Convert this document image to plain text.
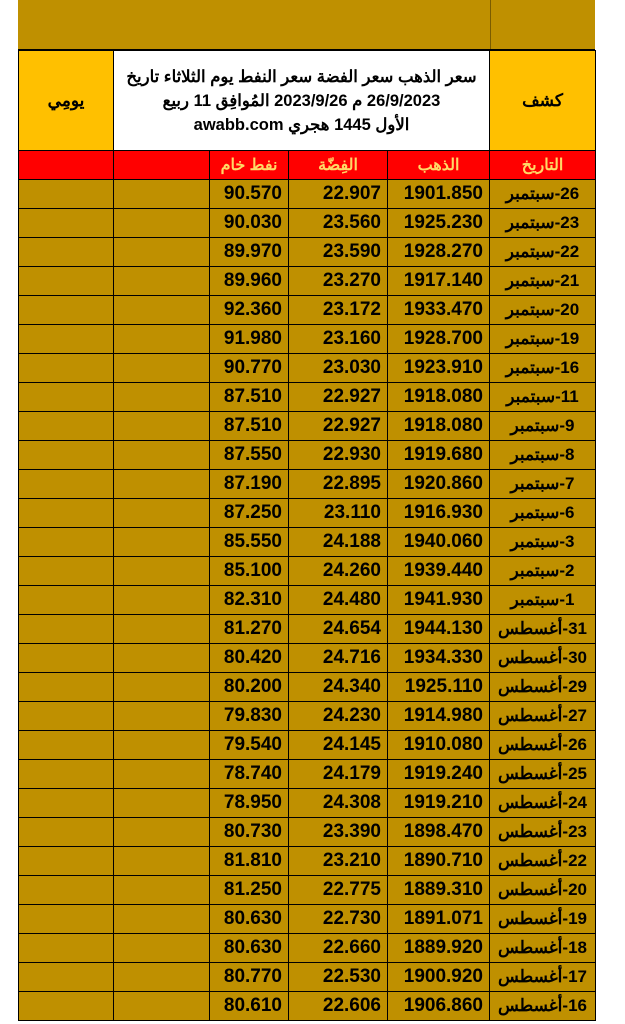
يومِي	سعر الذهب سعر الفضة سعر النفط يوم الثلاثاء تاريخ
26/9/2023 م 2023/9/26 المُوافِق 11 ربيع
الأول 1445 هجري awabb.com				كشف
		نفط خام	الفِضّة	الذهب	التاريخ
		90.570	22.907	1901.850	26-سبتمبر
		90.030	23.560	1925.230	23-سبتمبر
		89.970	23.590	1928.270	22-سبتمبر
		89.960	23.270	1917.140	21-سبتمبر
		92.360	23.172	1933.470	20-سبتمبر
		91.980	23.160	1928.700	19-سبتمبر
		90.770	23.030	1923.910	16-سبتمبر
		87.510	22.927	1918.080	11-سبتمبر
		87.510	22.927	1918.080	9-سبتمبر
		87.550	22.930	1919.680	8-سبتمبر
		87.190	22.895	1920.860	7-سبتمبر
		87.250	23.110	1916.930	6-سبتمبر
		85.550	24.188	1940.060	3-سبتمبر
		85.100	24.260	1939.440	2-سبتمبر
		82.310	24.480	1941.930	1-سبتمبر
		81.270	24.654	1944.130	31-أغسطس
		80.420	24.716	1934.330	30-أغسطس
		80.200	24.340	1925.110	29-أغسطس
		79.830	24.230	1914.980	27-أغسطس
		79.540	24.145	1910.080	26-أغسطس
		78.740	24.179	1919.240	25-أغسطس
		78.950	24.308	1919.210	24-أغسطس
		80.730	23.390	1898.470	23-أغسطس
		81.810	23.210	1890.710	22-أغسطس
		81.250	22.775	1889.310	20-أغسطس
		80.630	22.730	1891.071	19-أغسطس
		80.630	22.660	1889.920	18-أغسطس
		80.770	22.530	1900.920	17-أغسطس
		80.610	22.606	1906.860	16-أغسطس
